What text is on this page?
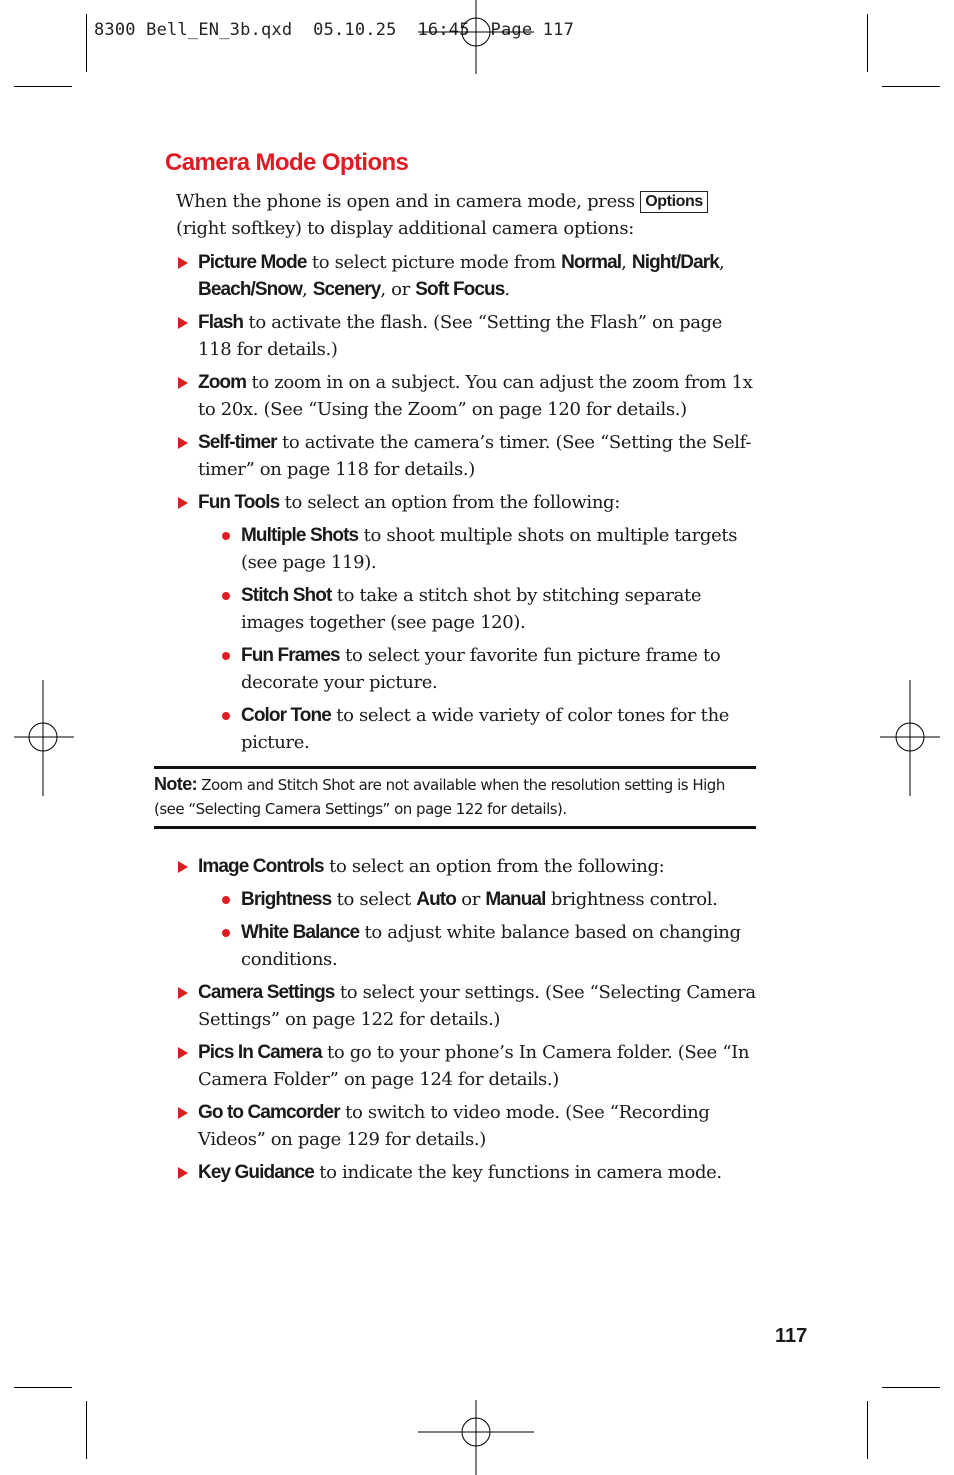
8300 Bell_EN_3b.qxd  05.10.25  16:45  Page 117
Camera Mode Options

When the phone is open and in camera mode, press Options (right softkey) to display additional camera options:

Picture Mode to select picture mode from Normal, Night/Dark, Beach/Snow, Scenery, or Soft Focus.
Flash to activate the flash. (See “Setting the Flash” on page 118 for details.)
Zoom to zoom in on a subject. You can adjust the zoom from 1x to 20x. (See “Using the Zoom” on page 120 for details.)
Self-timer to activate the camera’s timer. (See “Setting the Self-timer” on page 118 for details.)
Fun Tools to select an option from the following:
Multiple Shots to shoot multiple shots on multiple targets (see page 119).
Stitch Shot to take a stitch shot by stitching separate images together (see page 120).
Fun Frames to select your favorite fun picture frame to decorate your picture.
Color Tone to select a wide variety of color tones for the picture.
Note: Zoom and Stitch Shot are not available when the resolution setting is High (see “Selecting Camera Settings” on page 122 for details).
Image Controls to select an option from the following:
Brightness to select Auto or Manual brightness control.
White Balance to adjust white balance based on changing conditions.
Camera Settings to select your settings. (See “Selecting Camera Settings” on page 122 for details.)
Pics In Camera to go to your phone’s In Camera folder. (See “In Camera Folder” on page 124 for details.)
Go to Camcorder to switch to video mode. (See “Recording Videos” on page 129 for details.)
Key Guidance to indicate the key functions in camera mode.
117
